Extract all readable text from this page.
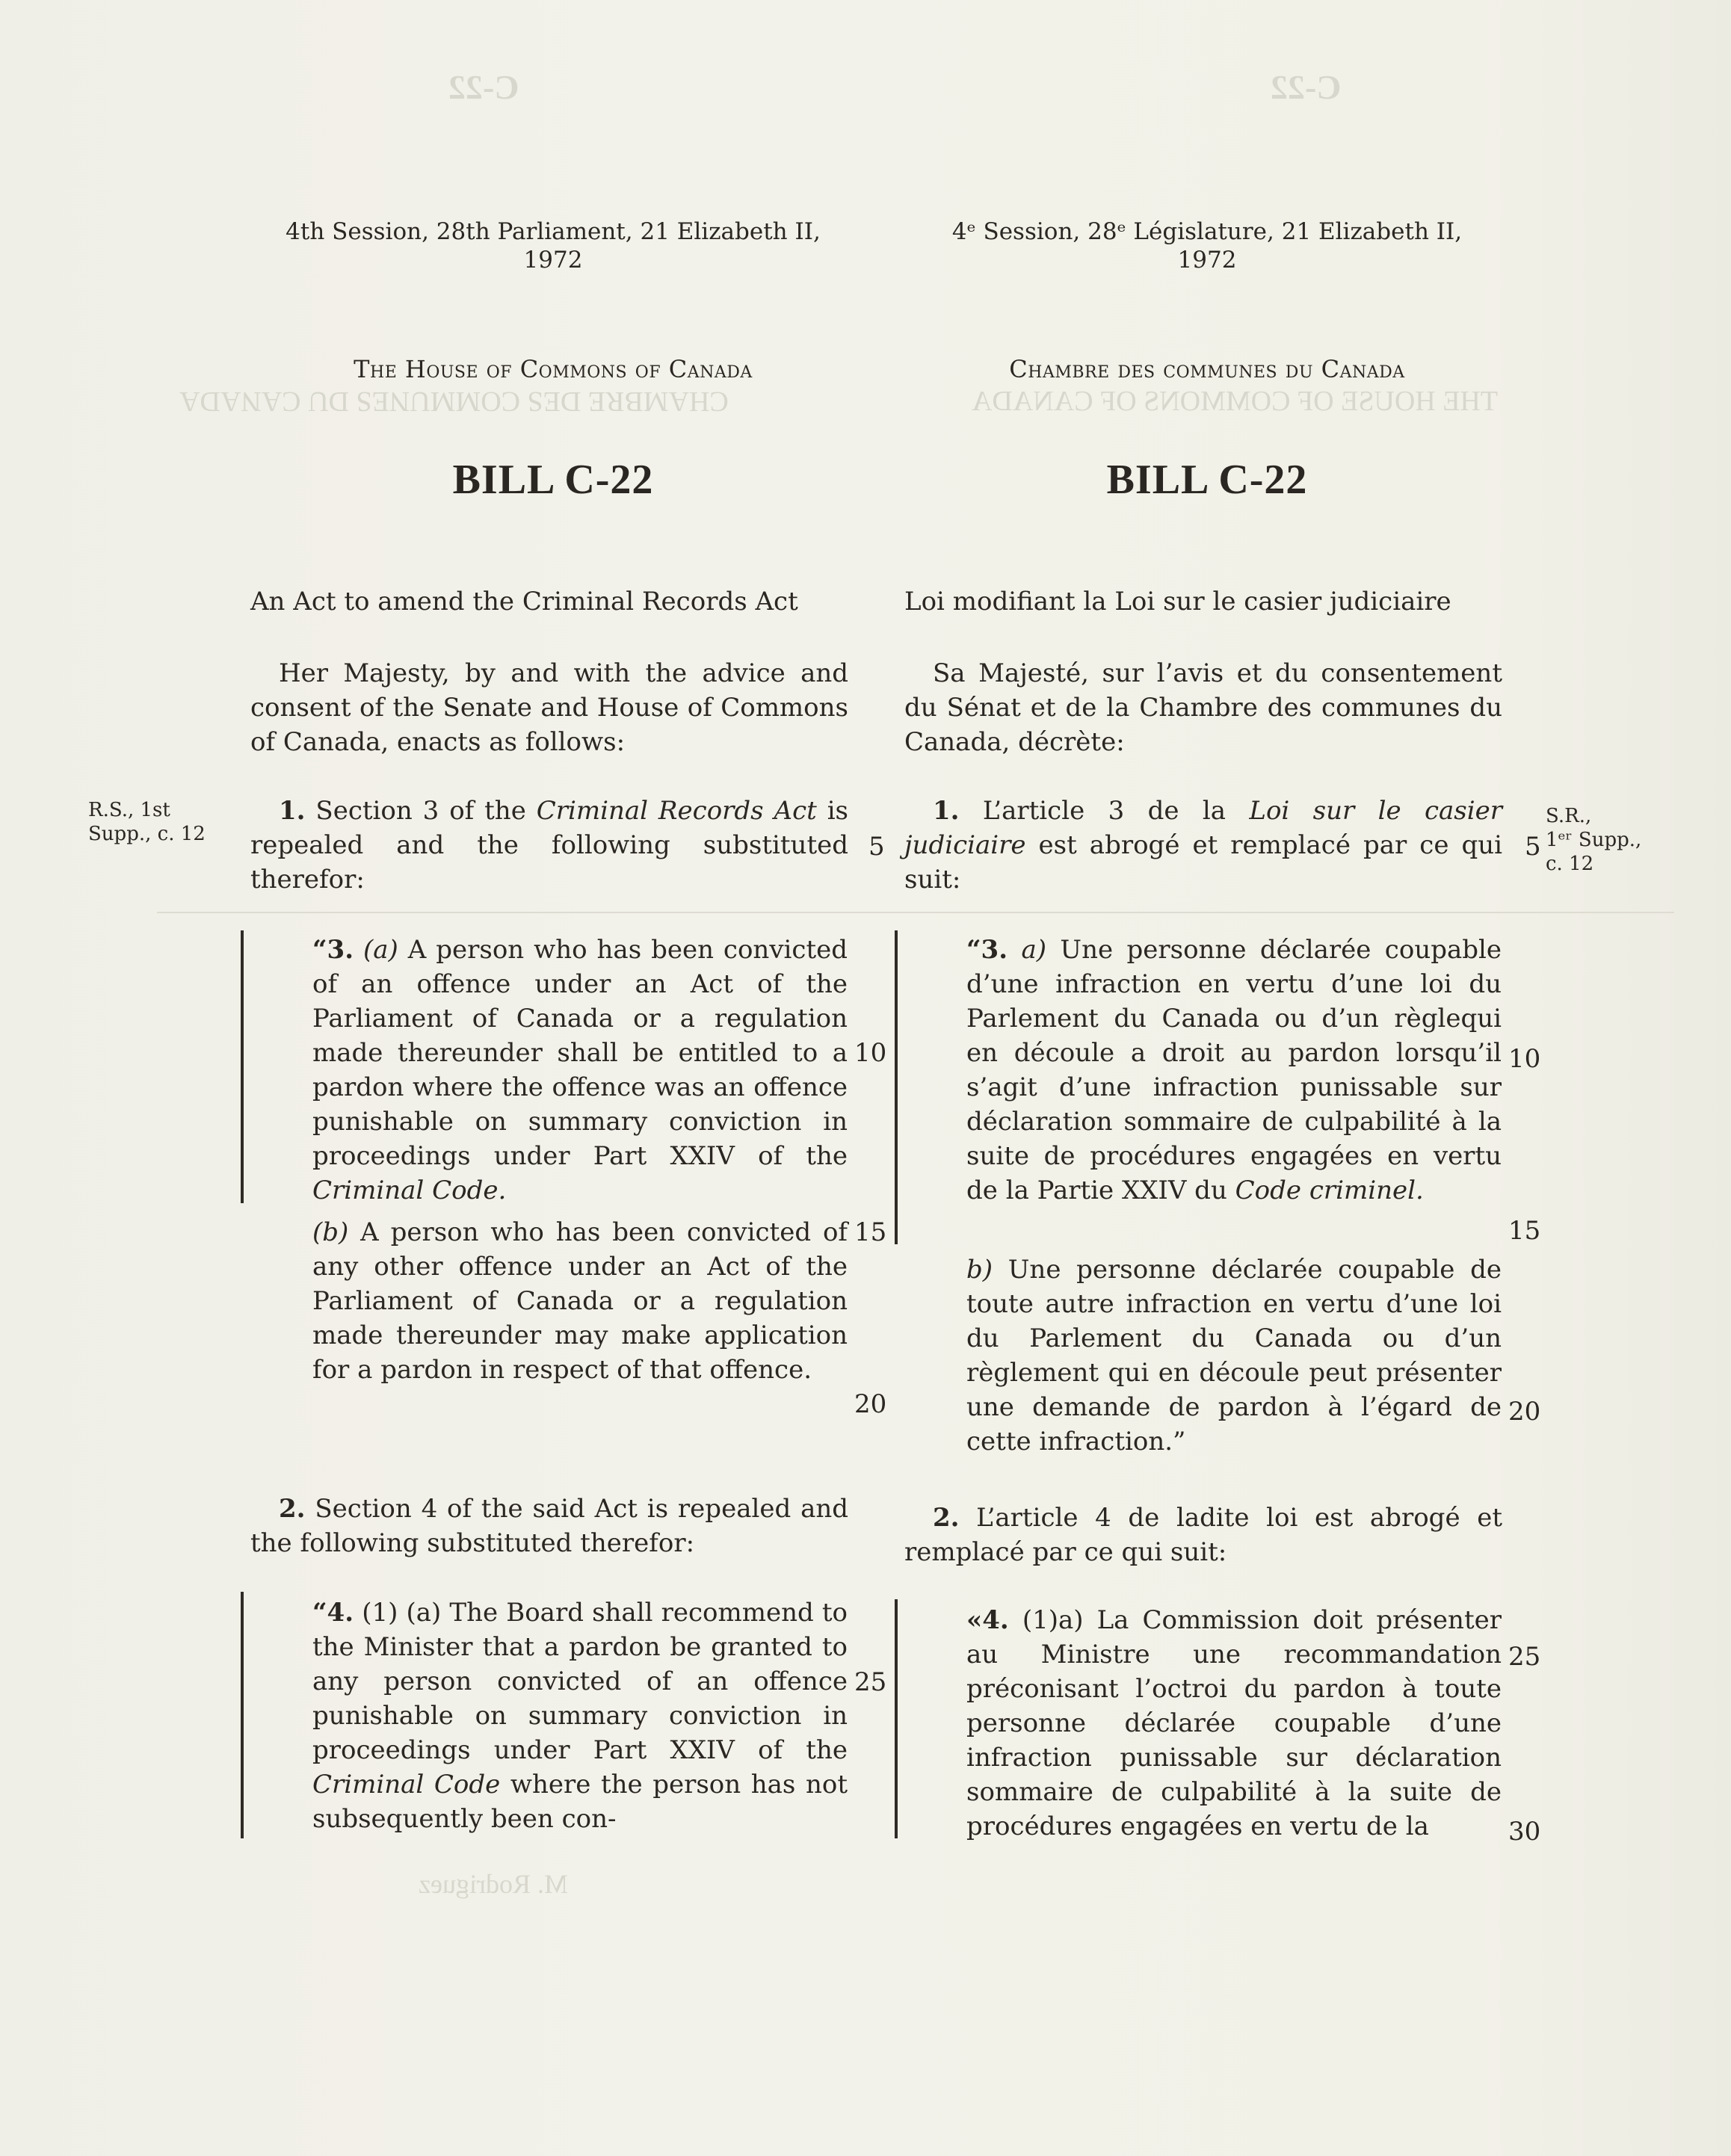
C-22	C-22
THE HOUSE OF COMMONS OF CANADA
CHAMBRE DES COMMUNES DU CANADA
M. Rodriguez
4th Session, 28th Parliament, 21 Elizabeth II,
1972
The House of Commons of Canada
BILL C-22
An Act to amend the Criminal Records Act
Her Majesty, by and with the advice and consent of the Senate and House of Commons of Canada, enacts as follows:
R.S., 1st
Supp., c. 12
1. Section 3 of the Criminal Records Act is repealed and the following substituted therefor:
“3. (a) A person who has been convicted of an offence under an Act of the Parliament of Canada or a regulation made thereunder shall be entitled to a pardon where the offence was an offence punishable on summary conviction in proceedings under Part XXIV of the Criminal Code.
(b) A person who has been convicted of any other offence under an Act of the Parliament of Canada or a regulation made thereunder may make application for a pardon in respect of that offence.
2. Section 4 of the said Act is repealed and the following substituted therefor:
“4. (1) (a) The Board shall recommend to the Minister that a pardon be granted to any person convicted of an offence punishable on summary conviction in proceedings under Part XXIV of the Criminal Code where the person has not subsequently been con-
5
10
15
20
25
4ᵉ Session, 28ᵉ Législature, 21 Elizabeth II,
1972
Chambre des communes du Canada
BILL C-22
Loi modifiant la Loi sur le casier judiciaire
Sa Majesté, sur l’avis et du consentement du Sénat et de la Chambre des communes du Canada, décrète:
1. L’article 3 de la Loi sur le casier judiciaire est abrogé et remplacé par ce qui suit:
S.R.,
1ᵉʳ Supp.,
c. 12
“3. a) Une personne déclarée coupable d’une infraction en vertu d’une loi du Parlement du Canada ou d’un règlequi en découle a droit au pardon lorsqu’il s’agit d’une infraction punissable sur déclaration sommaire de culpabilité à la suite de procédures engagées en vertu de la Partie XXIV du Code criminel.
b) Une personne déclarée coupable de toute autre infraction en vertu d’une loi du Parlement du Canada ou d’un règlement qui en découle peut présenter une demande de pardon à l’égard de cette infraction.”
2. L’article 4 de ladite loi est abrogé et remplacé par ce qui suit:
«4. (1)a) La Commission doit présenter au Ministre une recommandation préconisant l’octroi du pardon à toute personne déclarée coupable d’une infraction punissable sur déclaration sommaire de culpabilité à la suite de procédures engagées en vertu de la
5
10
15
20
25
30
